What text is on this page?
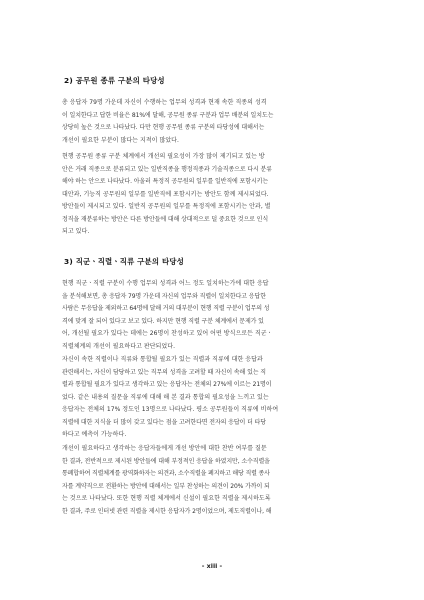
2) 공무원 종류 구분의 타당성
총 응답자 79명 가운데 자신이 수행하는 업무의 성격과 현재 속한 직종의 성격
이 일치한다고 답한 비율은 81%에 달해, 공무원 종류 구분과 업무 배분의 일치도는
상당히 높은 것으로 나타났다. 다만 현행 공무원 종류 구분의 타당성에 대해서는
개선이 필요한 부분이 많다는 지적이 많았다.
현행 공무원 종류 구분 체계에서 개선의 필요성이 가장 많이 제기되고 있는 방
안은 거래 직종으로 분류되고 있는 일반직종을 행정직종과 기술직종으로 다시 분류
해야 하는 안으로 나타났다. 아울러 특정직 공무원의 일부를 일반직에 포함시키는
대안과, 기능직 공무원의 일부를 일반직에 포함시키는 방안도 함께 제시되었다.
방안들이 제시되고 있다. 일반직 공무원의 일부를 특정직에 포함시키는 안과, 별
정직을 재분류하는 방안은 다른 방안들에 대해 상대적으로 덜 중요한 것으로 인식
되고 있다.
3) 직군ㆍ직렬ㆍ직류 구분의 타당성
현행 직군ㆍ직렬 구분이 수행 업무의 성격과 어느 정도 일치하는가에 대한 응답
을 분석해보면, 총 응답자 79명 가운데 자신의 업무와 직렬이 일치한다고 응답한
사람은 무응답을 제외하고 64명에 달해 거의 대부분이 현행 직렬 구분이 업무의 성
격에 맞게 잘 되어 있다고 보고 있다. 하지만 현행 직렬 구분 체계에서 문제가 있
어, 개선될 필요가 있다는 데에는 26명이 찬성하고 있어 어떤 방식으로든 직군ㆍ
직렬체계의 개선이 필요하다고 판단되었다.
자신이 속한 직렬이나 직류와 통합될 필요가 있는 직렬과 직류에 대한 응답과
관련해서는, 자신이 담당하고 있는 직무의 성격을 고려할 때 자신이 속해 있는 직
렬과 통합될 필요가 있다고 생각하고 있는 응답자는 전체의 27%에 이르는 21명이
었다. 같은 내용의 질문을 직류에 대해 해 본 결과 통합의 필요성을 느끼고 있는
응답자는 전체의 17% 정도인 13명으로 나타났다. 평소 공무원들이 직류에 비하여
직렬에 대한 지식을 더 많이 갖고 있다는 점을 고려한다면 전자의 응답이 더 타당
하다고 예측이 가능하다.
개선이 필요하다고 생각하는 응답자들에게 개선 방안에 대한 찬반 여부를 질문
한 결과, 전반적으로 제시된 방안들에 대해 부정적인 응답을 하였지만, 소수직렬을
통폐합하여 직렬체계를 광역화하자는 의견과, 소수직렬을 폐지하고 해당 직렬 종사
자를 계약직으로 전환하는 방안에 대해서는 일부 찬성하는 의견이 20% 가까이 되
는 것으로 나타났다. 또한 현행 직렬 체계에서 신설이 필요한 직렬을 제시하도록
한 결과, 주로 인터넷 관련 직렬을 제시한 응답자가 2명이었으며, 제도직렬이나, 해
- xiii -
